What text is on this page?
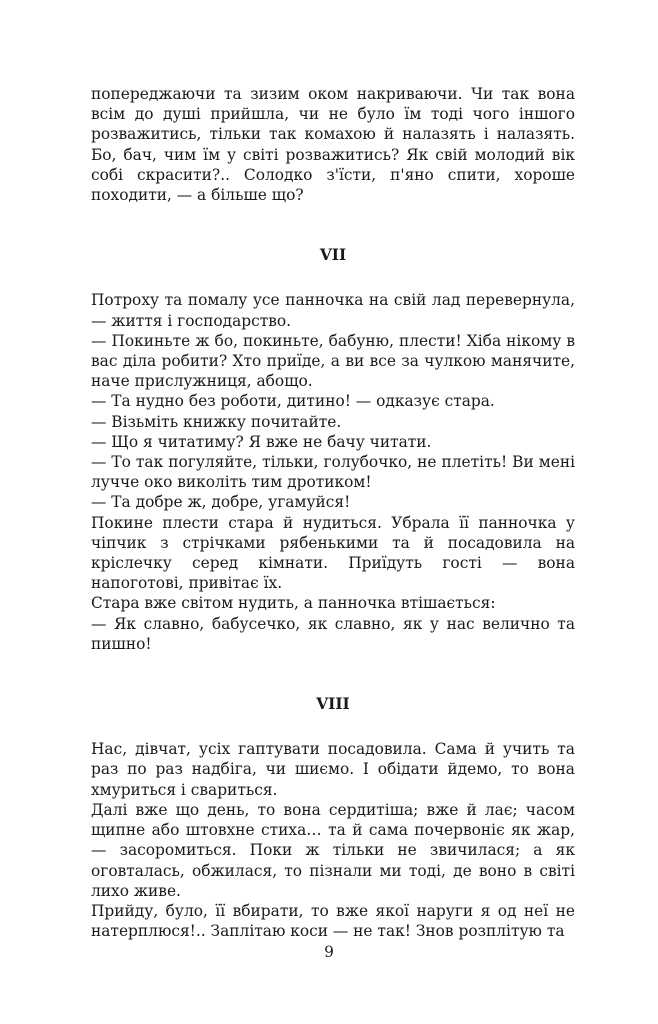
попереджаючи та зизим оком накриваючи. Чи так вона всім до душі прийшла, чи не було їм тоді чого іншого розважитись, тільки так комахою й налазять і налазять. Бо, бач, чим їм у світі розважитись? Як свій молодий вік собі скрасити?.. Солодко з'їсти, п'яно спити, хороше походити, — а більше що?

VII

Потроху та помалу усе панночка на свій лад перевернула, — життя і господарство.

— Покиньте ж бо, покиньте, бабуню, плести! Хіба нікому в вас діла робити? Хто приїде, а ви все за чулкою манячите, наче прислужниця, абощо.

— Та нудно без роботи, дитино! — одказує стара.

— Візьміть книжку почитайте.

— Що я читатиму? Я вже не бачу читати.

— То так погуляйте, тільки, голубочко, не плетіть! Ви мені лучче око виколіть тим дротиком!

— Та добре ж, добре, угамуйся!

Покине плести стара й нудиться. Убрала її панночка у чіпчик з стрічками рябенькими та й посадовила на кріслечку серед кімнати. Приїдуть гості — вона напоготові, привітає їх.

Стара вже світом нудить, а панночка втішається:

— Як славно, бабусечко, як славно, як у нас велично та пишно!

VIII

Нас, дівчат, усіх гаптувати посадовила. Сама й учить та раз по раз надбіга, чи шиємо. І обідати йдемо, то вона хмуриться і свариться.

Далі вже що день, то вона сердитіша; вже й лає; часом щипне або штовхне стиха… та й сама почервоніє як жар, — засоромиться. Поки ж тільки не звичилася; а як оговталась, обжилася, то пізнали ми тоді, де воно в світі лихо живе.

Прийду, було, її вбирати, то вже якої наруги я од неї не натерплюся!.. Заплітаю коси — не так! Знов розплітую та

9
